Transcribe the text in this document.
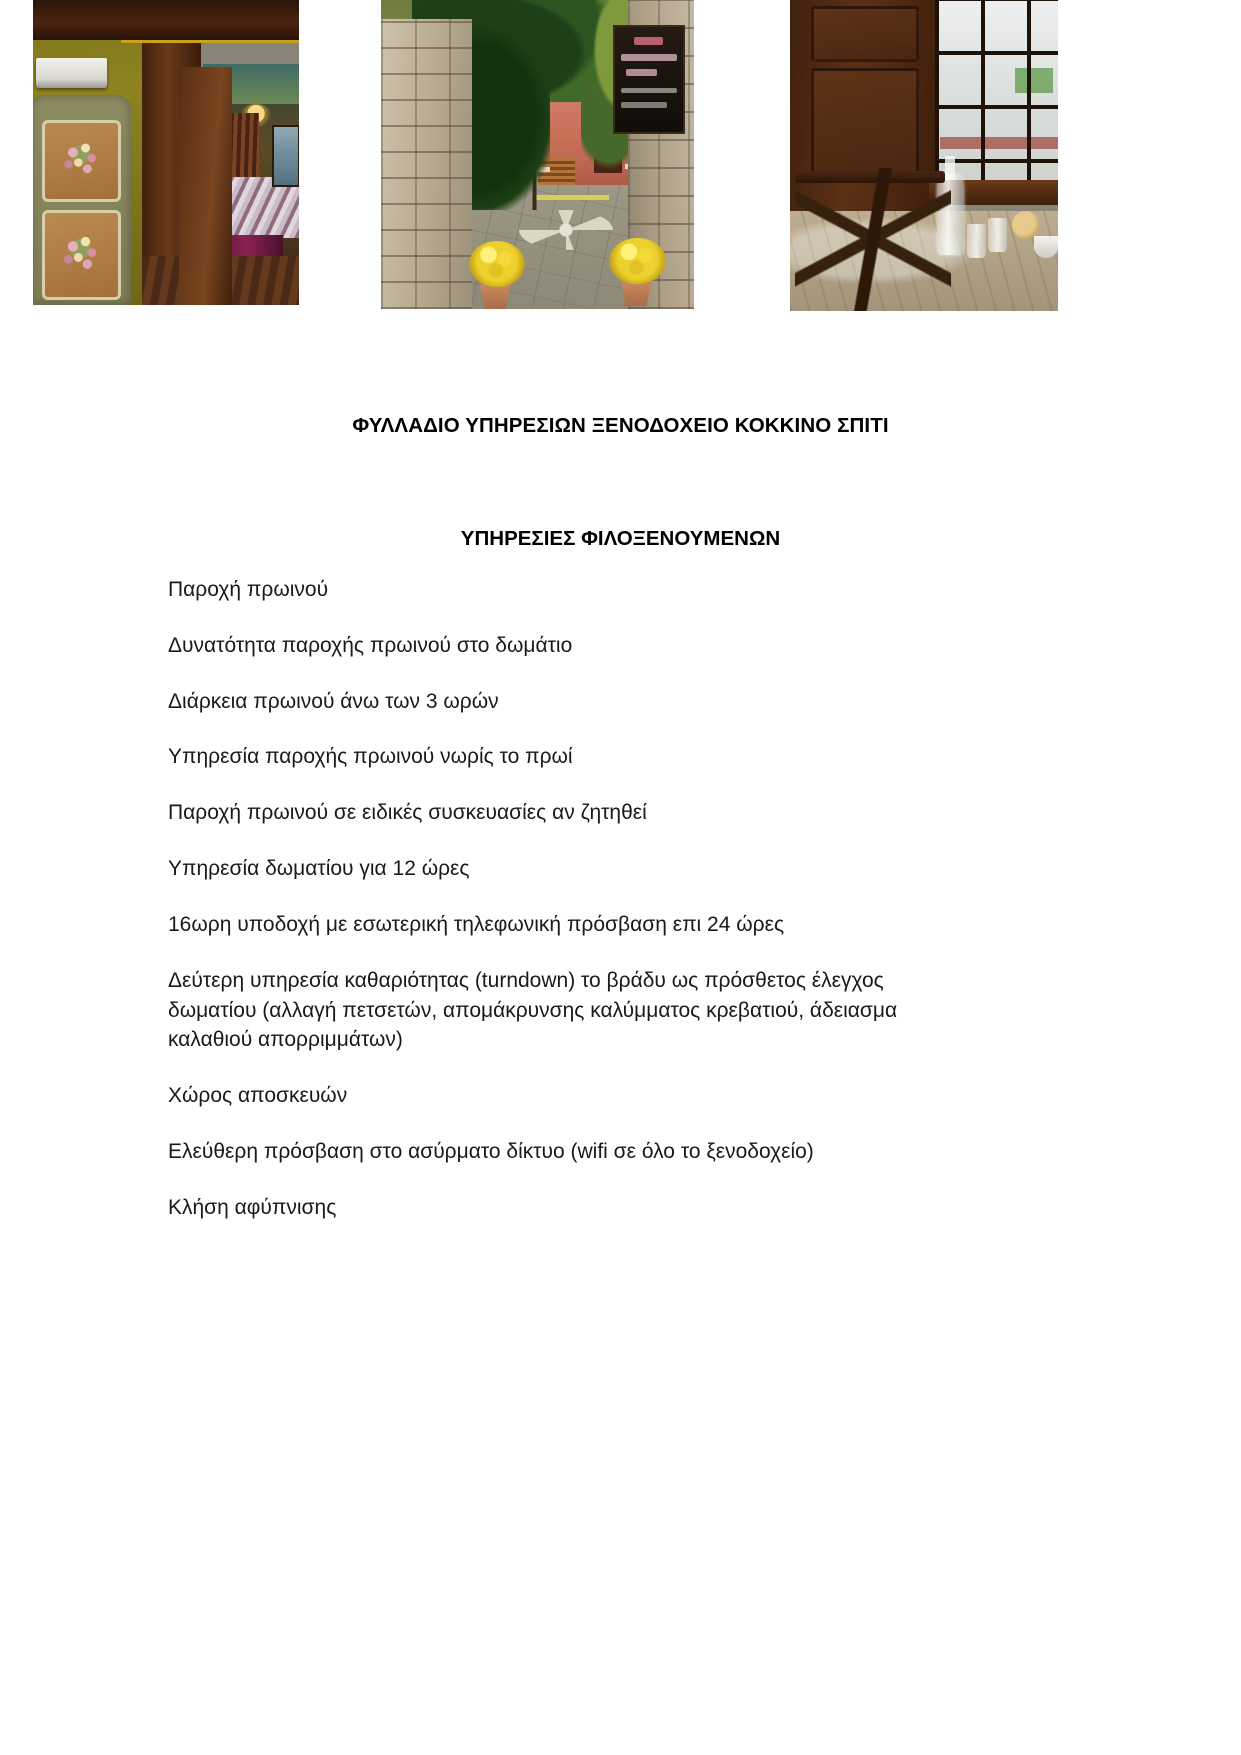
ΦΥΛΛΑΔΙΟ ΥΠΗΡΕΣΙΩΝ ΞΕΝΟΔΟΧΕΙΟ ΚΟΚΚΙΝΟ ΣΠΙΤΙ
ΥΠΗΡΕΣΙΕΣ ΦΙΛΟΞΕΝΟΥΜΕΝΩΝ

Παροχή πρωινού

Δυνατότητα παροχής πρωινού στο δωμάτιο

Διάρκεια πρωινού άνω των 3 ωρών

Υπηρεσία παροχής πρωινού νωρίς το πρωί

Παροχή πρωινού σε ειδικές συσκευασίες αν ζητηθεί

Υπηρεσία δωματίου για 12 ώρες

16ωρη υποδοχή με εσωτερική τηλεφωνική πρόσβαση επι 24 ώρες

Δεύτερη υπηρεσία καθαριότητας (turndown) το βράδυ ως πρόσθετος έλεγχος δωματίου (αλλαγή πετσετών, απομάκρυνσης καλύμματος κρεβατιού, άδειασμα καλαθιού απορριμμάτων)

Χώρος αποσκευών

Ελεύθερη πρόσβαση στο ασύρματο δίκτυο (wifi σε όλο το ξενοδοχείο)

Κλήση αφύπνισης
